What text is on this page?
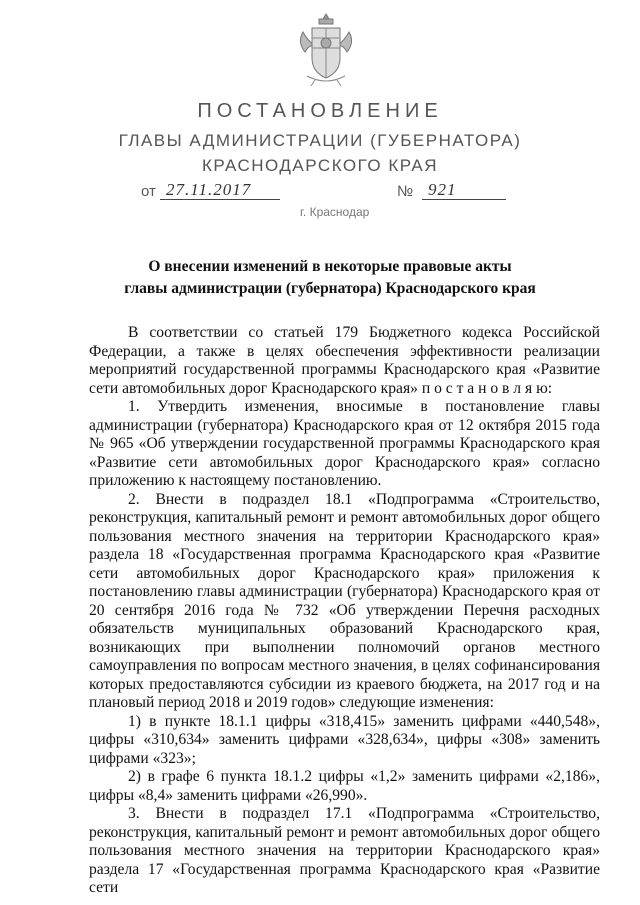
ПОСТАНОВЛЕНИЕ
ГЛАВЫ АДМИНИСТРАЦИИ (ГУБЕРНАТОРА)
КРАСНОДАРСКОГО КРАЯ
от 27.11.2017	№ 921
г. Краснодар
О внесении изменений в некоторые правовые акты
главы администрации (губернатора) Краснодарского края

В соответствии со статьей 179 Бюджетного кодекса Российской Федерации, а также в целях обеспечения эффективности реализации мероприятий государственной программы Краснодарского края «Развитие сети автомобильных дорог Краснодарского края» п о с т а н о в л я ю:

1. Утвердить изменения, вносимые в постановление главы администрации (губернатора) Краснодарского края от 12 октября 2015 года № 965 «Об утверждении государственной программы Краснодарского края «Развитие сети автомобильных дорог Краснодарского края» согласно приложению к настоящему постановлению.

2. Внести в подраздел 18.1 «Подпрограмма «Строительство, реконструкция, капитальный ремонт и ремонт автомобильных дорог общего пользования местного значения на территории Краснодарского края» раздела 18 «Государственная программа Краснодарского края «Развитие сети автомобильных дорог Краснодарского края» приложения к постановлению главы администрации (губернатора) Краснодарского края от 20 сентября 2016 года № 732 «Об утверждении Перечня расходных обязательств муниципальных образований Краснодарского края, возникающих при выполнении полномочий органов местного самоуправления по вопросам местного значения, в целях софинансирования которых предоставляются субсидии из краевого бюджета, на 2017 год и на плановый период 2018 и 2019 годов» следующие изменения:

1) в пункте 18.1.1 цифры «318,415» заменить цифрами «440,548», цифры «310,634» заменить цифрами «328,634», цифры «308» заменить цифрами «323»;

2) в графе 6 пункта 18.1.2 цифры «1,2» заменить цифрами «2,186», цифры «8,4» заменить цифрами «26,990».

3. Внести в подраздел 17.1 «Подпрограмма «Строительство, реконструкция, капитальный ремонт и ремонт автомобильных дорог общего пользования местного значения на территории Краснодарского края» раздела 17 «Государственная программа Краснодарского края «Развитие сети
